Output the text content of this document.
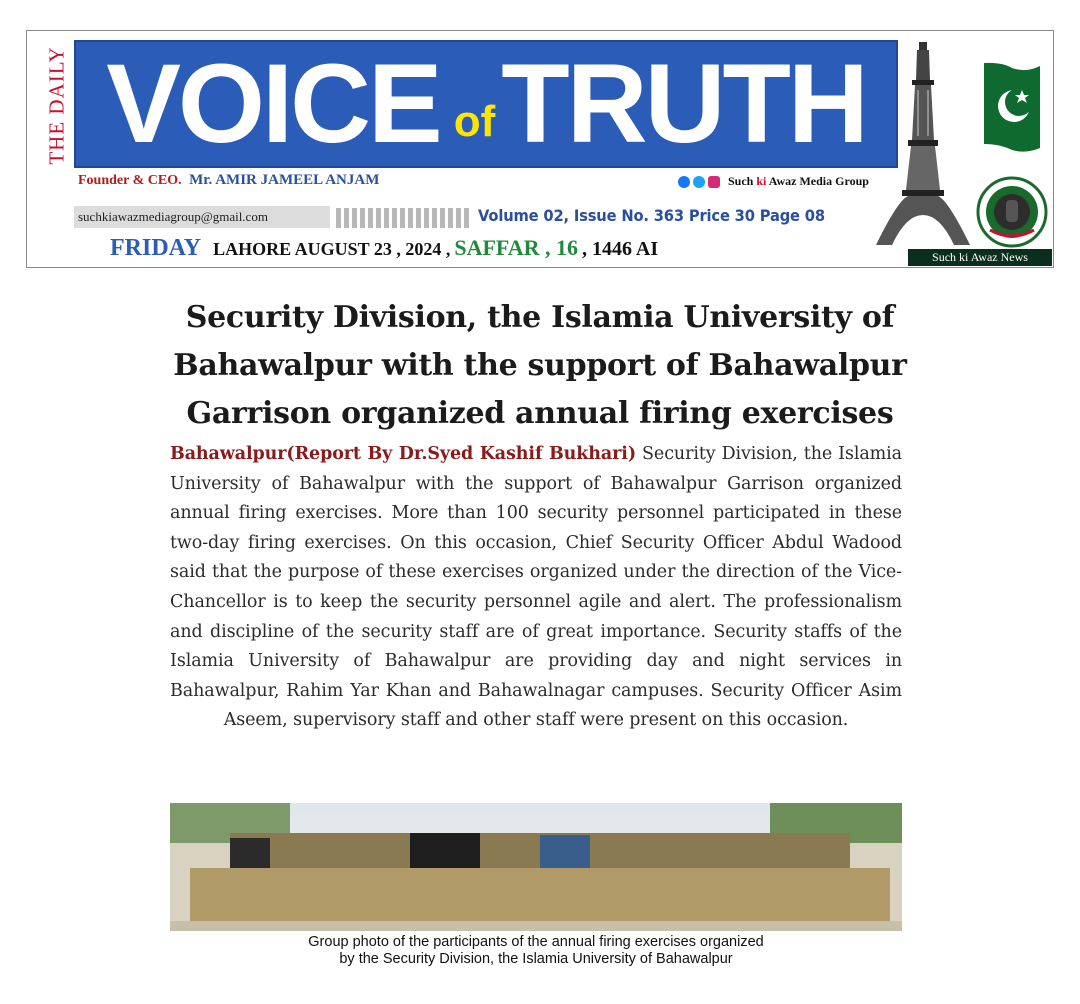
THE DAILY VOICE of TRUTH
Founder & CEO. Mr. AMIR JAMEEL ANJAM	Such ki Awaz Media Group
suchkiawazmediagroup@gmail.com	Volume 02, Issue No. 363 Price 30 Page 08
FRIDAY LAHORE AUGUST 23 , 2024 , SAFFAR , 16 , 1446 AI	Such ki Awaz News
Security Division, the Islamia University of Bahawalpur with the support of Bahawalpur Garrison organized annual firing exercises
Bahawalpur(Report By Dr.Syed Kashif Bukhari) Security Division, the Islamia University of Bahawalpur with the support of Bahawalpur Garrison organized annual firing exercises. More than 100 security personnel participated in these two-day firing exercises. On this occasion, Chief Security Officer Abdul Wadood said that the purpose of these exercises organized under the direction of the Vice-Chancellor is to keep the security personnel agile and alert. The professionalism and discipline of the security staff are of great importance. Security staffs of the Islamia University of Bahawalpur are providing day and night services in Bahawalpur, Rahim Yar Khan and Bahawalnagar campuses. Security Officer Asim Aseem, supervisory staff and other staff were present on this occasion.
Group photo of the participants of the annual firing exercises organized
by the Security Division, the Islamia University of Bahawalpur
